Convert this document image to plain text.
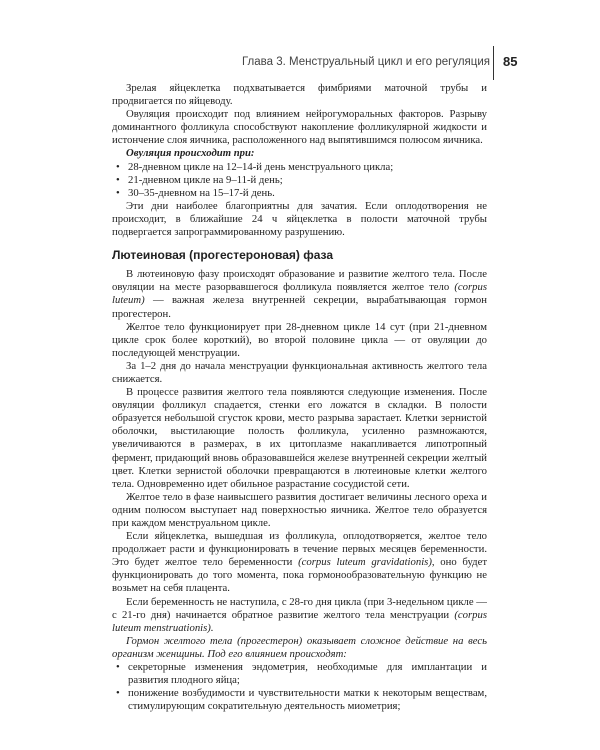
Глава 3. Менструальный цикл и его регуляция 85

Зрелая яйцеклетка подхватывается фимбриями маточной трубы и продвигается по яйцеводу.

Овуляция происходит под влиянием нейрогуморальных факторов. Разрыву доминантного фолликула способствуют накопление фолликулярной жидкости и истончение слоя яичника, расположенного над выпятившимся полюсом яичника.

Овуляция происходит при:

• 28-дневном цикле на 12–14-й день менструального цикла;
• 21-дневном цикле на 9–11-й день;
• 30–35-дневном на 15–17-й день.

Эти дни наиболее благоприятны для зачатия. Если оплодотворения не происходит, в ближайшие 24 ч яйцеклетка в полости маточной трубы подвергается запрограммированному разрушению.

Лютеиновая (прогестероновая) фаза

В лютеиновую фазу происходят образование и развитие желтого тела. После овуляции на месте разорвавшегося фолликула появляется желтое тело (corpus luteum) — важная железа внутренней секреции, вырабатывающая гормон прогестерон.

Желтое тело функционирует при 28-дневном цикле 14 сут (при 21-дневном цикле срок более короткий), во второй половине цикла — от овуляции до последующей менструации.

За 1–2 дня до начала менструации функциональная активность желтого тела снижается.

В процессе развития желтого тела появляются следующие изменения. После овуляции фолликул спадается, стенки его ложатся в складки. В полости образуется небольшой сгусток крови, место разрыва зарастает. Клетки зернистой оболочки, выстилающие полость фолликула, усиленно размножаются, увеличиваются в размерах, в их цитоплазме накапливается липотропный фермент, придающий вновь образовавшейся железе внутренней секреции желтый цвет. Клетки зернистой оболочки превращаются в лютеиновые клетки желтого тела. Одновременно идет обильное разрастание сосудистой сети.

Желтое тело в фазе наивысшего развития достигает величины лесного ореха и одним полюсом выступает над поверхностью яичника. Желтое тело образуется при каждом менструальном цикле.

Если яйцеклетка, вышедшая из фолликула, оплодотворяется, желтое тело продолжает расти и функционировать в течение первых месяцев беременности. Это будет желтое тело беременности (corpus luteum gravidationis), оно будет функционировать до того момента, пока гормонообразовательную функцию не возьмет на себя плацента.

Если беременность не наступила, с 28-го дня цикла (при 3-недельном цикле — с 21-го дня) начинается обратное развитие желтого тела менструации (corpus luteum menstruationis).

Гормон желтого тела (прогестерон) оказывает сложное действие на весь организм женщины. Под его влиянием происходят:

• секреторные изменения эндометрия, необходимые для имплантации и развития плодного яйца;
• понижение возбудимости и чувствительности матки к некоторым веществам, стимулирующим сократительную деятельность миометрия;
